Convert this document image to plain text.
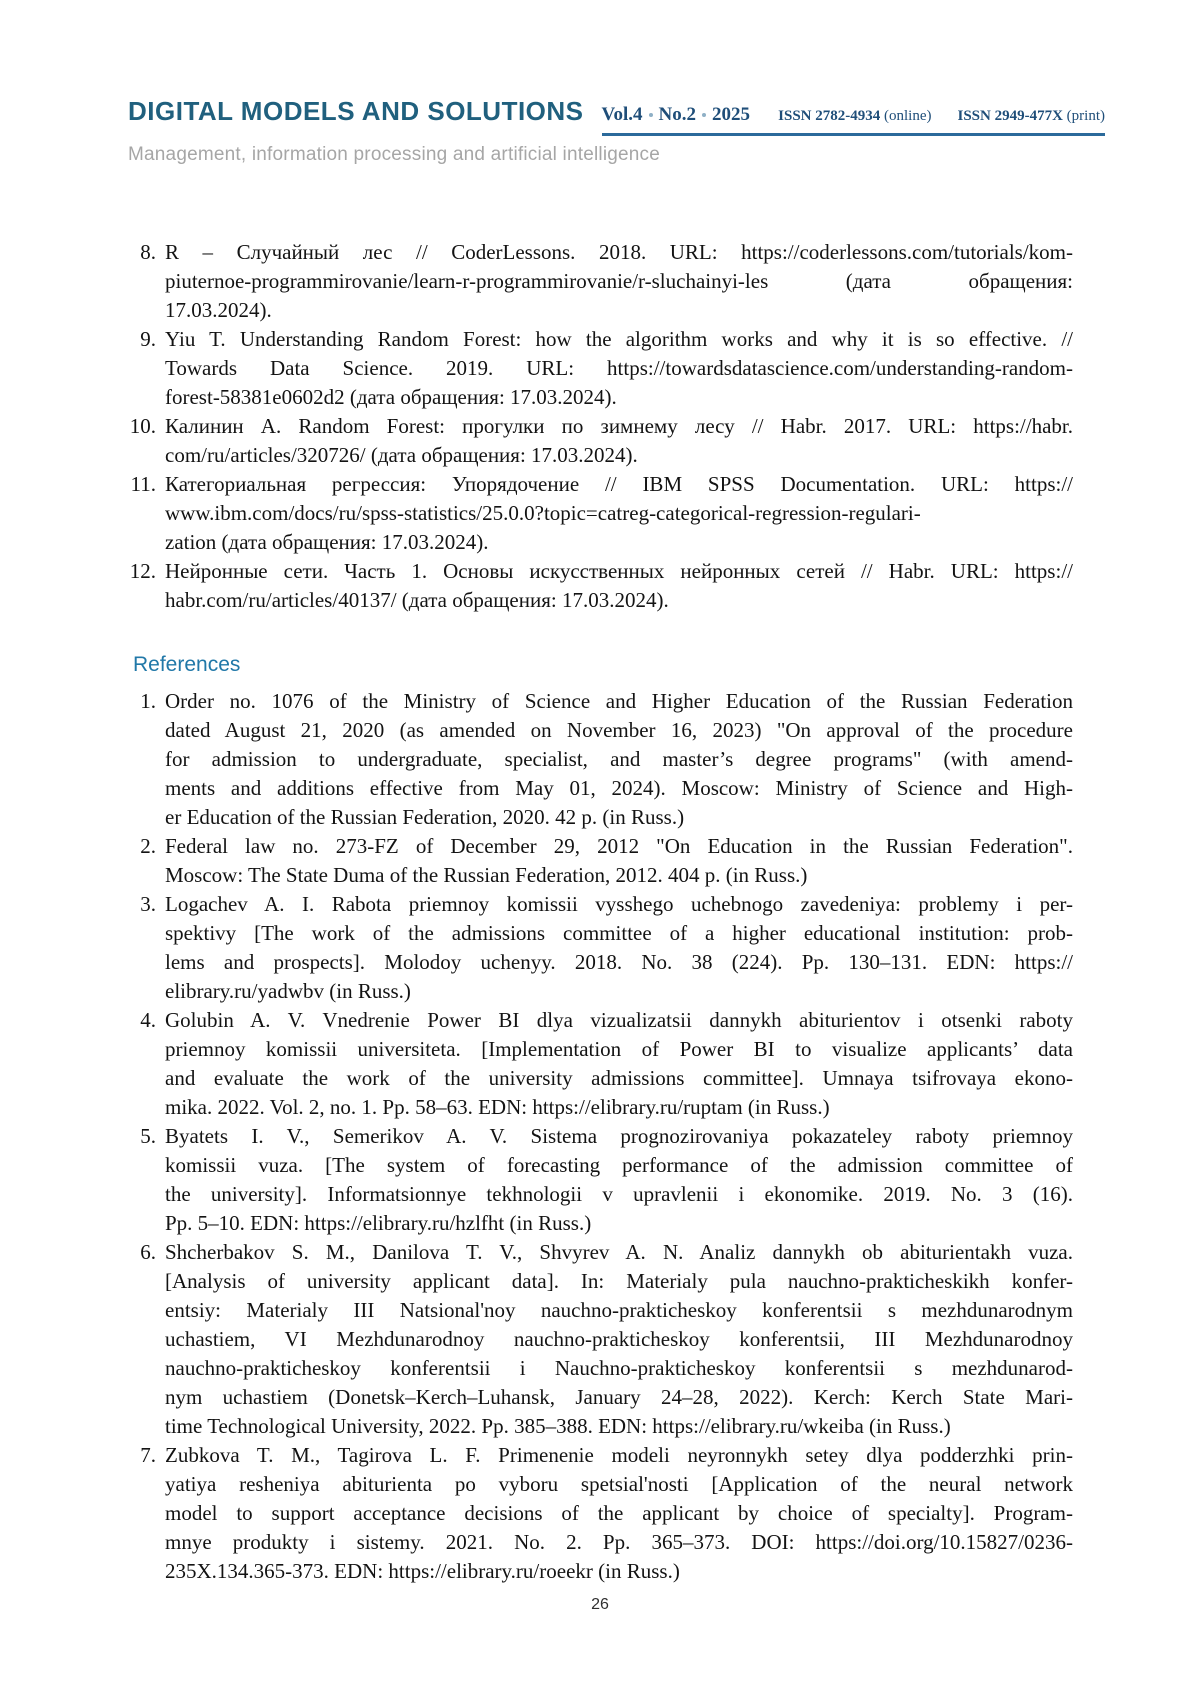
DIGITAL MODELS AND SOLUTIONS Vol.4 No.2 2025 ISSN 2782-4934 (online) ISSN 2949-477X (print)
Management, information processing and artificial intelligence
8. R – Случайный лес // CoderLessons. 2018. URL: https://coderlessons.com/tutorials/kom-
piuternoe-programmirovanie/learn-r-programmirovanie/r-sluchainyi-les (дата обращения:
17.03.2024).
9. Yiu T. Understanding Random Forest: how the algorithm works and why it is so effective. //
Towards Data Science. 2019. URL: https://towardsdatascience.com/understanding-random-
forest-58381e0602d2 (дата обращения: 17.03.2024).
10. Калинин А. Random Forest: прогулки по зимнему лесу // Habr. 2017. URL: https://habr.
com/ru/articles/320726/ (дата обращения: 17.03.2024).
11. Категориальная регрессия: Упорядочение // IBM SPSS Documentation. URL: https://
www.ibm.com/docs/ru/spss-statistics/25.0.0?topic=catreg-categorical-regression-regulari-
zation (дата обращения: 17.03.2024).
12. Нейронные сети. Часть 1. Основы искусственных нейронных сетей // Habr. URL: https://
habr.com/ru/articles/40137/ (дата обращения: 17.03.2024).
References
1. Order no. 1076 of the Ministry of Science and Higher Education of the Russian Federation
dated August 21, 2020 (as amended on November 16, 2023) "On approval of the procedure
for admission to undergraduate, specialist, and master’s degree programs" (with amend-
ments and additions effective from May 01, 2024). Moscow: Ministry of Science and High-
er Education of the Russian Federation, 2020. 42 p. (in Russ.)
2. Federal law no. 273-FZ of December 29, 2012 "On Education in the Russian Federation".
Moscow: The State Duma of the Russian Federation, 2012. 404 p. (in Russ.)
3. Logachev A. I. Rabota priemnoy komissii vysshego uchebnogo zavedeniya: problemy i per-
spektivy [The work of the admissions committee of a higher educational institution: prob-
lems and prospects]. Molodoy uchenyy. 2018. No. 38 (224). Pp. 130–131. EDN: https://
elibrary.ru/yadwbv (in Russ.)
4. Golubin A. V. Vnedrenie Power BI dlya vizualizatsii dannykh abiturientov i otsenki raboty
priemnoy komissii universiteta. [Implementation of Power BI to visualize applicants’ data
and evaluate the work of the university admissions committee]. Umnaya tsifrovaya ekono-
mika. 2022. Vol. 2, no. 1. Pp. 58–63. EDN: https://elibrary.ru/ruptam (in Russ.)
5. Byatets I. V., Semerikov A. V. Sistema prognozirovaniya pokazateley raboty priemnoy
komissii vuza. [The system of forecasting performance of the admission committee of
the university]. Informatsionnye tekhnologii v upravlenii i ekonomike. 2019. No. 3 (16).
Pp. 5–10. EDN: https://elibrary.ru/hzlfht (in Russ.)
6. Shcherbakov S. M., Danilova T. V., Shvyrev A. N. Analiz dannykh ob abiturientakh vuza.
[Analysis of university applicant data]. In: Materialy pula nauchno-prakticheskikh konfer-
entsiy: Materialy III Natsional'noy nauchno-prakticheskoy konferentsii s mezhdunarodnym
uchastiem, VI Mezhdunarodnoy nauchno-prakticheskoy konferentsii, III Mezhdunarodnoy
nauchno-prakticheskoy konferentsii i Nauchno-prakticheskoy konferentsii s mezhdunarod-
nym uchastiem (Donetsk–Kerch–Luhansk, January 24–28, 2022). Kerch: Kerch State Mari-
time Technological University, 2022. Pp. 385–388. EDN: https://elibrary.ru/wkeiba (in Russ.)
7. Zubkova T. M., Tagirova L. F. Primenenie modeli neyronnykh setey dlya podderzhki prin-
yatiya resheniya abiturienta po vyboru spetsial'nosti [Application of the neural network
model to support acceptance decisions of the applicant by choice of specialty]. Program-
mnye produkty i sistemy. 2021. No. 2. Pp. 365–373. DOI: https://doi.org/10.15827/0236-
235X.134.365-373. EDN: https://elibrary.ru/roeekr (in Russ.)
26
